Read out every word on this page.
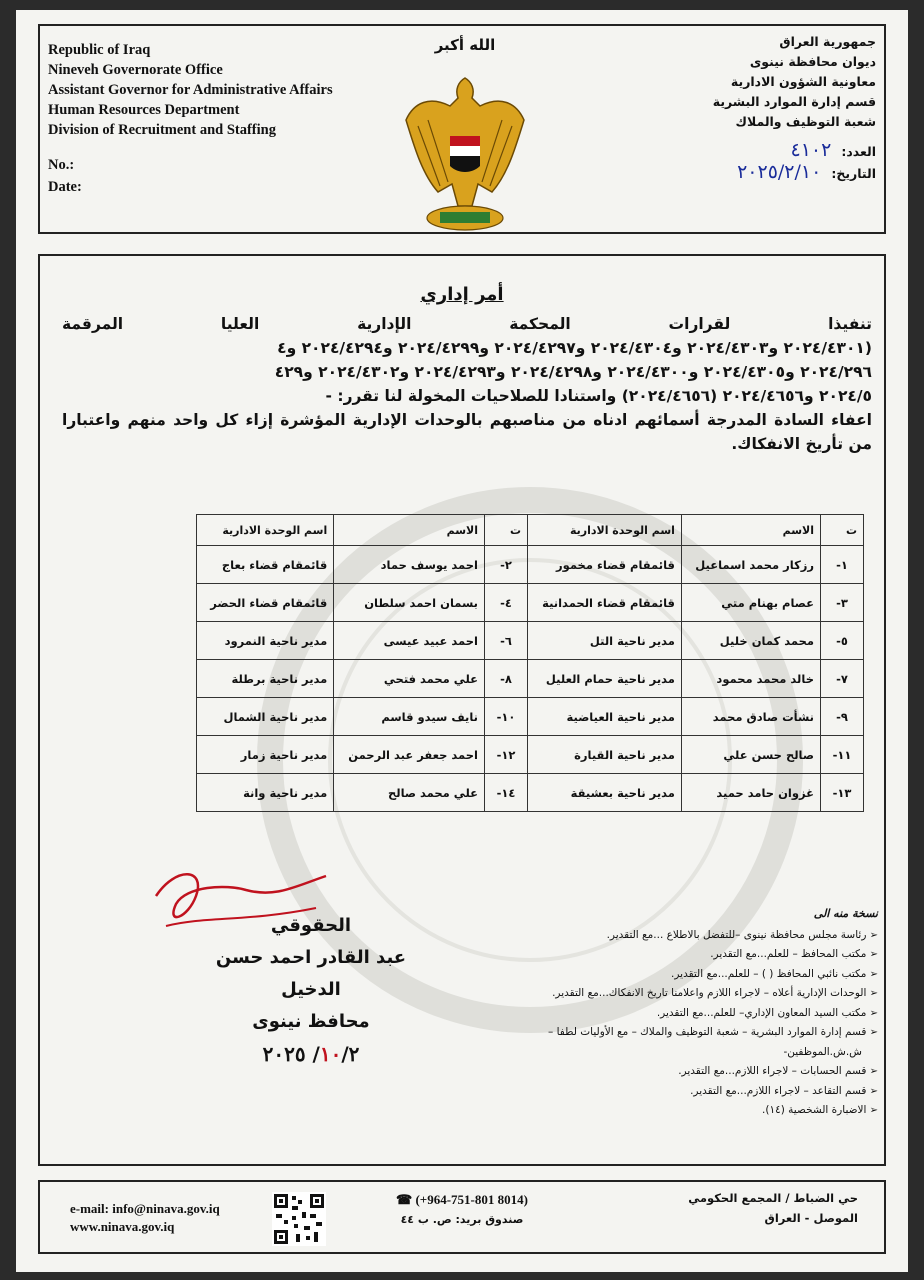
Republic of Iraq
Nineveh Governorate Office
Assistant Governor for Administrative Affairs
Human Resources Department
Division of Recruitment and Staffing
No.:
Date:
الله أكبر	جمهورية العراق
ديوان محافظة نينوى
معاونية الشؤون الادارية
قسم إدارة الموارد البشرية
شعبة التوظيف والملاك
العدد:٤١٠٢
التاريخ:٢٠٢٥/٢/١٠
أمر إداري
تنفيذا لقرارات المحكمة الإدارية العليا المرقمة
(٢٠٢٤/٤٣٠١ و٢٠٢٤/٤٣٠٣ و٢٠٢٤/٤٣٠٤ و٢٠٢٤/٤٢٩٧ و٢٠٢٤/٤٢٩٩ و٢٠٢٤/٤٢٩٤ و٤
٢٠٢٤/٢٩٦ و٢٠٢٤/٤٣٠٥ و٢٠٢٤/٤٣٠٠ و٢٠٢٤/٤٢٩٨ و٢٠٢٤/٤٢٩٣ و٢٠٢٤/٤٣٠٢ و٤٢٩
٢٠٢٤/٥ و٢٠٢٤/٤٦٥٦ (٢٠٢٤/٤٦٥٦) واستنادا للصلاحيات المخولة لنا تقرر: -
اعفاء السادة المدرجة أسمائهم ادناه من مناصبهم بالوحدات الإدارية المؤشرة إزاء كل واحد منهم واعتبارا من تأريخ الانفكاك.
ت	الاسم	اسم الوحدة الادارية	ت	الاسم	اسم الوحدة الادارية
١-	رزكار محمد اسماعيل	قائمقام قضاء مخمور	٢-	احمد يوسف حماد	قائمقام قضاء بعاج
٣-	عصام بهنام متي	قائمقام قضاء الحمدانية	٤-	بسمان احمد سلطان	قائمقام قضاء الحضر
٥-	محمد كمان خليل	مدير ناحية التل	٦-	احمد عبيد عيسى	مدير ناحية النمرود
٧-	خالد محمد محمود	مدير ناحية حمام العليل	٨-	علي محمد فتحي	مدير ناحية برطلة
٩-	نشأت صادق محمد	مدير ناحية العياضية	١٠-	نايف سيدو قاسم	مدير ناحية الشمال
١١-	صالح حسن علي	مدير ناحية القيارة	١٢-	احمد جعفر عبد الرحمن	مدير ناحية زمار
١٣-	غزوان حامد حميد	مدير ناحية بعشيقة	١٤-	علي محمد صالح	مدير ناحية وانة
الحقوقي
عبد القادر احمد حسن الدخيل
محافظ نينوى
١٠/٢/ ٢٠٢٥
نسخة منه الى
➢ رئاسة مجلس محافظة نينوى –للتفضل بالاطلاع ...مع التقدير.
➢ مكتب المحافظ – للعلم...مع التقدير.
➢ مكتب نائبي المحافظ ( ) – للعلم...مع التقدير.
➢ الوحدات الإدارية أعلاه – لاجراء اللازم واعلامنا تاريخ الانفكاك...مع التقدير.
➢ مكتب السيد المعاون الإداري– للعلم...مع التقدير.
➢ قسم إدارة الموارد البشرية – شعبة التوظيف والملاك – مع الأوليات لطفا –
ش.ش.الموظفين-
➢ قسم الحسابات – لاجراء اللازم...مع التقدير.
➢ قسم التقاعد – لاجراء اللازم...مع التقدير.
➢ الاضبارة الشخصية (١٤).
e-mail: info@ninava.gov.iq
www.ninava.gov.iq
☎ (+964-751-801 8014)
صندوق بريد: ص. ب ٤٤
حي الضباط / المجمع الحكومي
الموصل - العراق
